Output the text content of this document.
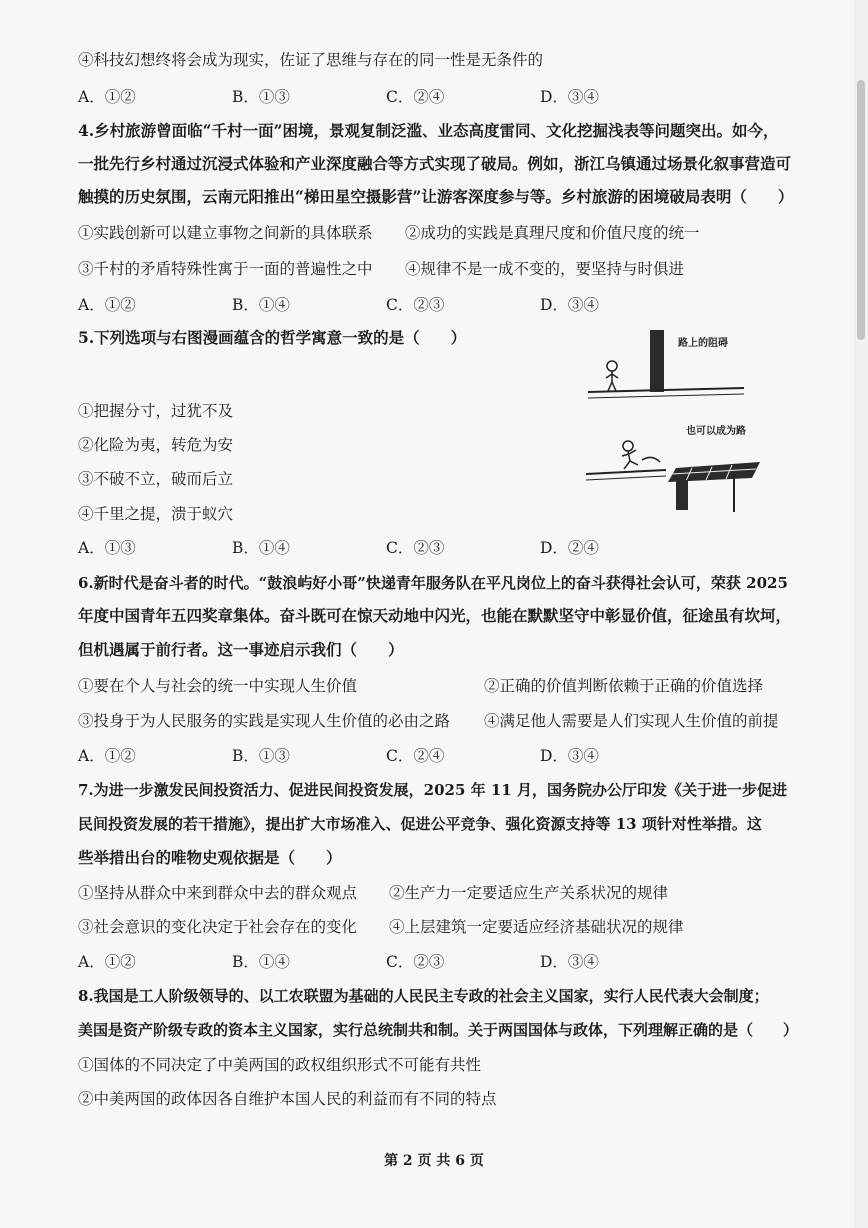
④科技幻想终将会成为现实，佐证了思维与存在的同一性是无条件的
A．①②	B．①③	C．②④	D．③④
4.乡村旅游曾面临“千村一面”困境，景观复制泛滥、业态高度雷同、文化挖掘浅表等问题突出。如今，
一批先行乡村通过沉浸式体验和产业深度融合等方式实现了破局。例如，浙江乌镇通过场景化叙事营造可
触摸的历史氛围，云南元阳推出“梯田星空摄影营”让游客深度参与等。乡村旅游的困境破局表明（　　）
①实践创新可以建立事物之间新的具体联系 ②成功的实践是真理尺度和价值尺度的统一
③千村的矛盾特殊性寓于一面的普遍性之中 ④规律不是一成不变的，要坚持与时俱进
A．①②	B．①④	C．②③	D．③④
5.下列选项与右图漫画蕴含的哲学寓意一致的是（　　）
①把握分寸，过犹不及
②化险为夷，转危为安
③不破不立，破而后立
④千里之提，溃于蚁穴
路上的阻碍
也可以成为路
A．①③	B．①④	C．②③	D．②④
6.新时代是奋斗者的时代。“鼓浪屿好小哥”快递青年服务队在平凡岗位上的奋斗获得社会认可，荣获 2025
年度中国青年五四奖章集体。奋斗既可在惊天动地中闪光，也能在默默坚守中彰显价值，征途虽有坎坷，
但机遇属于前行者。这一事迹启示我们（　　）
①要在个人与社会的统一中实现人生价值	②正确的价值判断依赖于正确的价值选择
③投身于为人民服务的实践是实现人生价值的必由之路 ④满足他人需要是人们实现人生价值的前提
A．①②	B．①③	C．②④	D．③④
7.为进一步激发民间投资活力、促进民间投资发展，2025 年 11 月，国务院办公厅印发《关于进一步促进
民间投资发展的若干措施》，提出扩大市场准入、促进公平竞争、强化资源支持等 13 项针对性举措。这
些举措出台的唯物史观依据是（　　）
①坚持从群众中来到群众中去的群众观点 ②生产力一定要适应生产关系状况的规律
③社会意识的变化决定于社会存在的变化 ④上层建筑一定要适应经济基础状况的规律
A．①②	B．①④	C．②③	D．③④
8.我国是工人阶级领导的、以工农联盟为基础的人民民主专政的社会主义国家，实行人民代表大会制度；
美国是资产阶级专政的资本主义国家，实行总统制共和制。关于两国国体与政体，下列理解正确的是（　　）
①国体的不同决定了中美两国的政权组织形式不可能有共性
②中美两国的政体因各自维护本国人民的利益而有不同的特点
第 2 页 共 6 页
